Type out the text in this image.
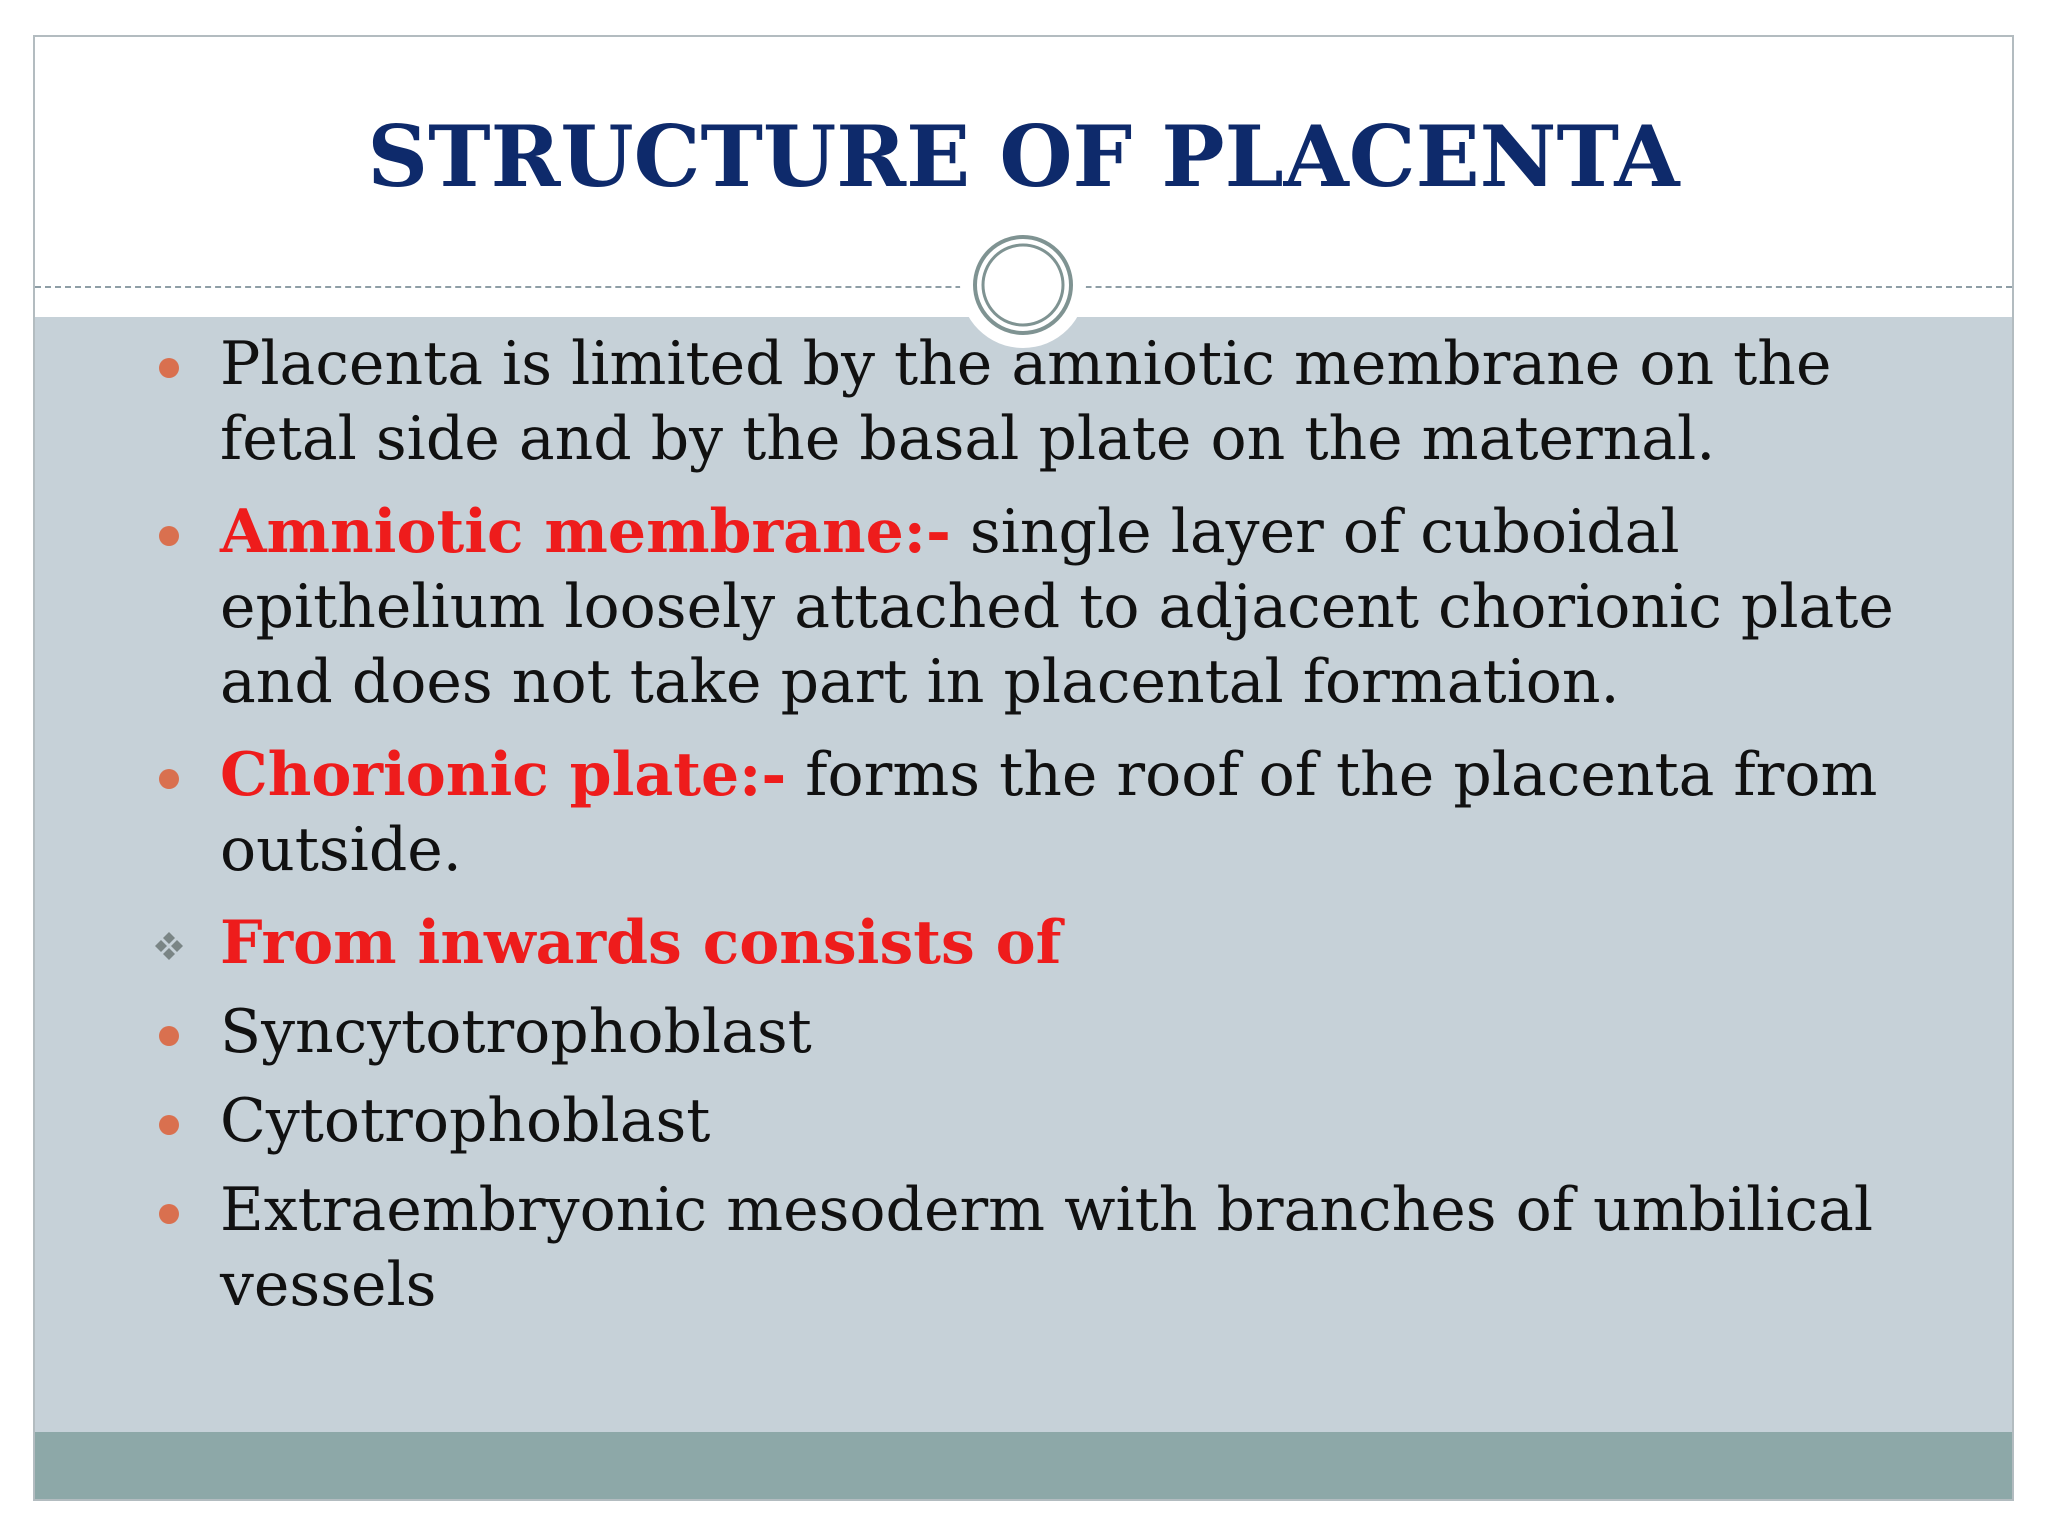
STRUCTURE OF PLACENTA
Placenta is limited by the amniotic membrane on the fetal side and by the basal plate on the maternal.
Amniotic membrane:- single layer of cuboidal epithelium loosely attached to adjacent chorionic plate and does not take part in placental formation.
Chorionic plate:- forms the roof of the placenta from outside.
From inwards consists of
Syncytotrophoblast
Cytotrophoblast
Extraembryonic mesoderm with branches of umbilical vessels
